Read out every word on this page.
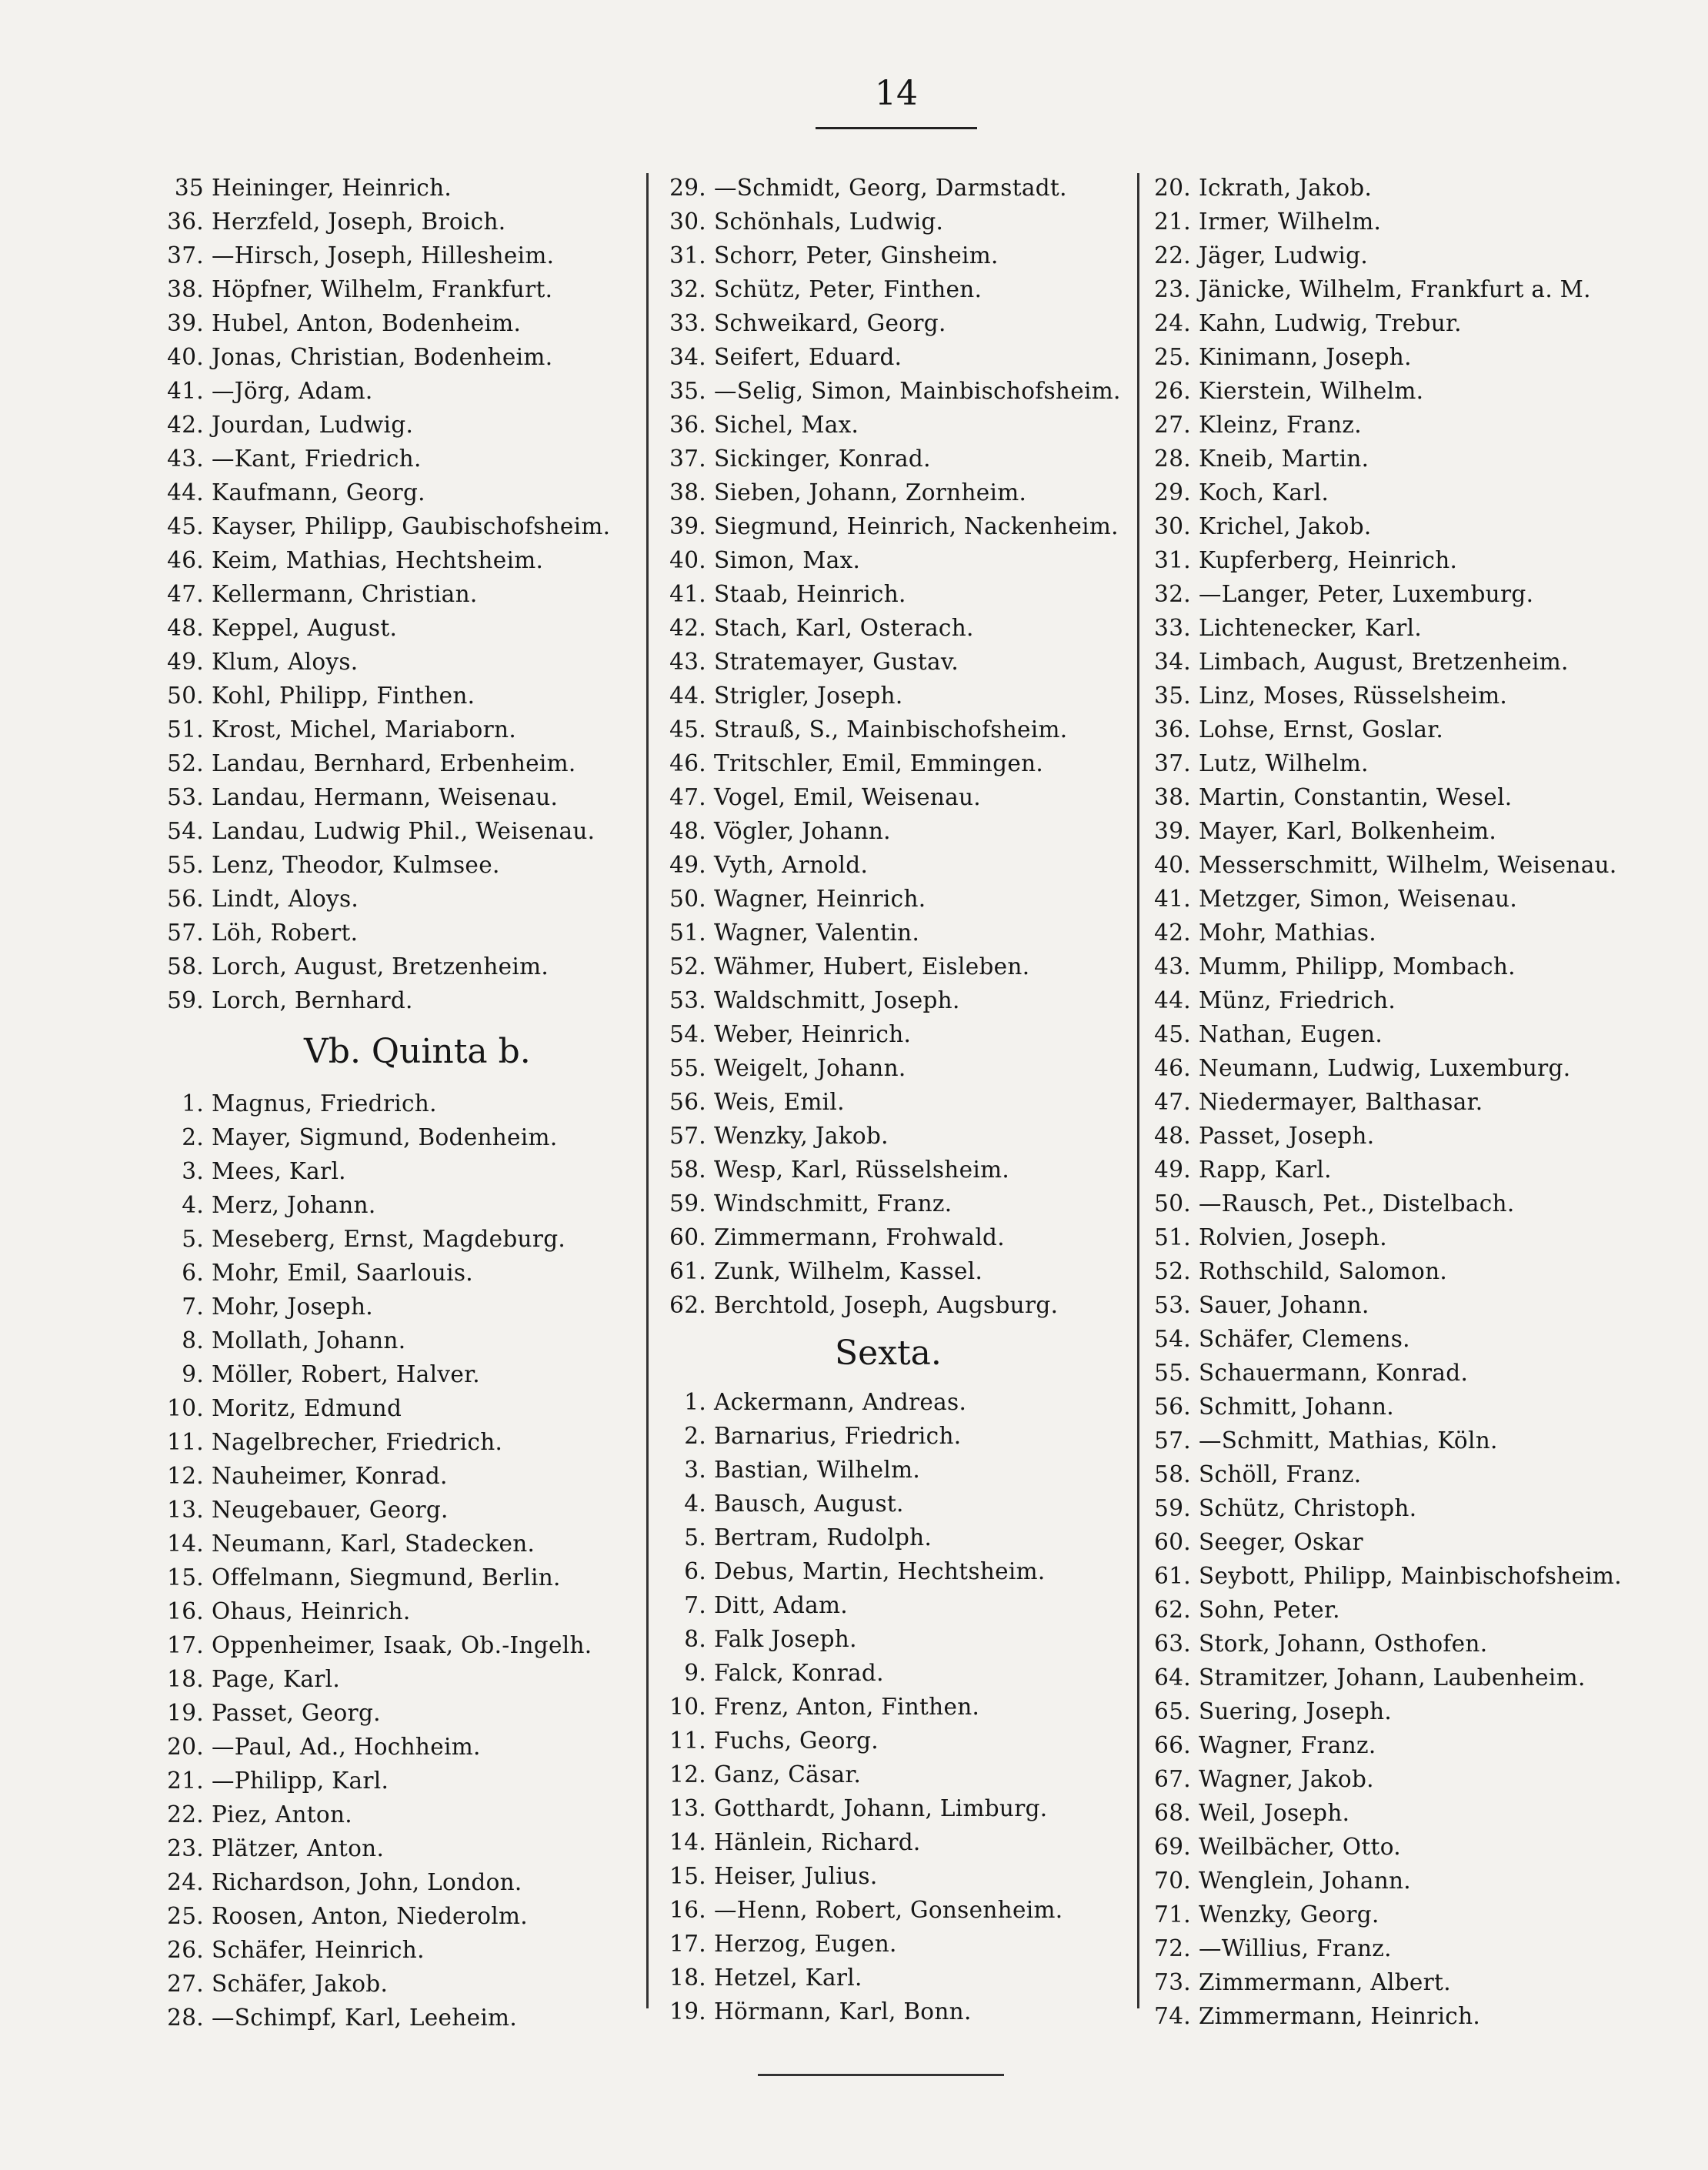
14
35 Heininger, Heinrich.
36. Herzfeld, Joseph, Broich.
37. —Hirsch, Joseph, Hillesheim.
38. Höpfner, Wilhelm, Frankfurt.
39. Hubel, Anton, Bodenheim.
40. Jonas, Christian, Bodenheim.
41. —Jörg, Adam.
42. Jourdan, Ludwig.
43. —Kant, Friedrich.
44. Kaufmann, Georg.
45. Kayser, Philipp, Gaubischofsheim.
46. Keim, Mathias, Hechtsheim.
47. Kellermann, Christian.
48. Keppel, August.
49. Klum, Aloys.
50. Kohl, Philipp, Finthen.
51. Krost, Michel, Mariaborn.
52. Landau, Bernhard, Erbenheim.
53. Landau, Hermann, Weisenau.
54. Landau, Ludwig Phil., Weisenau.
55. Lenz, Theodor, Kulmsee.
56. Lindt, Aloys.
57. Löh, Robert.
58. Lorch, August, Bretzenheim.
59. Lorch, Bernhard.
Vb. Quinta b.
1. Magnus, Friedrich.
2. Mayer, Sigmund, Bodenheim.
3. Mees, Karl.
4. Merz, Johann.
5. Meseberg, Ernst, Magdeburg.
6. Mohr, Emil, Saarlouis.
7. Mohr, Joseph.
8. Mollath, Johann.
9. Möller, Robert, Halver.
10. Moritz, Edmund
11. Nagelbrecher, Friedrich.
12. Nauheimer, Konrad.
13. Neugebauer, Georg.
14. Neumann, Karl, Stadecken.
15. Offelmann, Siegmund, Berlin.
16. Ohaus, Heinrich.
17. Oppenheimer, Isaak, Ob.-Ingelh.
18. Page, Karl.
19. Passet, Georg.
20. —Paul, Ad., Hochheim.
21. —Philipp, Karl.
22. Piez, Anton.
23. Plätzer, Anton.
24. Richardson, John, London.
25. Roosen, Anton, Niederolm.
26. Schäfer, Heinrich.
27. Schäfer, Jakob.
28. —Schimpf, Karl, Leeheim.
29. —Schmidt, Georg, Darmstadt.
30. Schönhals, Ludwig.
31. Schorr, Peter, Ginsheim.
32. Schütz, Peter, Finthen.
33. Schweikard, Georg.
34. Seifert, Eduard.
35. —Selig, Simon, Mainbischofsheim.
36. Sichel, Max.
37. Sickinger, Konrad.
38. Sieben, Johann, Zornheim.
39. Siegmund, Heinrich, Nackenheim.
40. Simon, Max.
41. Staab, Heinrich.
42. Stach, Karl, Osterach.
43. Stratemayer, Gustav.
44. Strigler, Joseph.
45. Strauß, S., Mainbischofsheim.
46. Tritschler, Emil, Emmingen.
47. Vogel, Emil, Weisenau.
48. Vögler, Johann.
49. Vyth, Arnold.
50. Wagner, Heinrich.
51. Wagner, Valentin.
52. Wähmer, Hubert, Eisleben.
53. Waldschmitt, Joseph.
54. Weber, Heinrich.
55. Weigelt, Johann.
56. Weis, Emil.
57. Wenzky, Jakob.
58. Wesp, Karl, Rüsselsheim.
59. Windschmitt, Franz.
60. Zimmermann, Frohwald.
61. Zunk, Wilhelm, Kassel.
62. Berchtold, Joseph, Augsburg.
Sexta.
1. Ackermann, Andreas.
2. Barnarius, Friedrich.
3. Bastian, Wilhelm.
4. Bausch, August.
5. Bertram, Rudolph.
6. Debus, Martin, Hechtsheim.
7. Ditt, Adam.
8. Falk Joseph.
9. Falck, Konrad.
10. Frenz, Anton, Finthen.
11. Fuchs, Georg.
12. Ganz, Cäsar.
13. Gotthardt, Johann, Limburg.
14. Hänlein, Richard.
15. Heiser, Julius.
16. —Henn, Robert, Gonsenheim.
17. Herzog, Eugen.
18. Hetzel, Karl.
19. Hörmann, Karl, Bonn.
20. Ickrath, Jakob.
21. Irmer, Wilhelm.
22. Jäger, Ludwig.
23. Jänicke, Wilhelm, Frankfurt a. M.
24. Kahn, Ludwig, Trebur.
25. Kinimann, Joseph.
26. Kierstein, Wilhelm.
27. Kleinz, Franz.
28. Kneib, Martin.
29. Koch, Karl.
30. Krichel, Jakob.
31. Kupferberg, Heinrich.
32. —Langer, Peter, Luxemburg.
33. Lichtenecker, Karl.
34. Limbach, August, Bretzenheim.
35. Linz, Moses, Rüsselsheim.
36. Lohse, Ernst, Goslar.
37. Lutz, Wilhelm.
38. Martin, Constantin, Wesel.
39. Mayer, Karl, Bolkenheim.
40. Messerschmitt, Wilhelm, Weisenau.
41. Metzger, Simon, Weisenau.
42. Mohr, Mathias.
43. Mumm, Philipp, Mombach.
44. Münz, Friedrich.
45. Nathan, Eugen.
46. Neumann, Ludwig, Luxemburg.
47. Niedermayer, Balthasar.
48. Passet, Joseph.
49. Rapp, Karl.
50. —Rausch, Pet., Distelbach.
51. Rolvien, Joseph.
52. Rothschild, Salomon.
53. Sauer, Johann.
54. Schäfer, Clemens.
55. Schauermann, Konrad.
56. Schmitt, Johann.
57. —Schmitt, Mathias, Köln.
58. Schöll, Franz.
59. Schütz, Christoph.
60. Seeger, Oskar
61. Seybott, Philipp, Mainbischofsheim.
62. Sohn, Peter.
63. Stork, Johann, Osthofen.
64. Stramitzer, Johann, Laubenheim.
65. Suering, Joseph.
66. Wagner, Franz.
67. Wagner, Jakob.
68. Weil, Joseph.
69. Weilbächer, Otto.
70. Wenglein, Johann.
71. Wenzky, Georg.
72. —Willius, Franz.
73. Zimmermann, Albert.
74. Zimmermann, Heinrich.
